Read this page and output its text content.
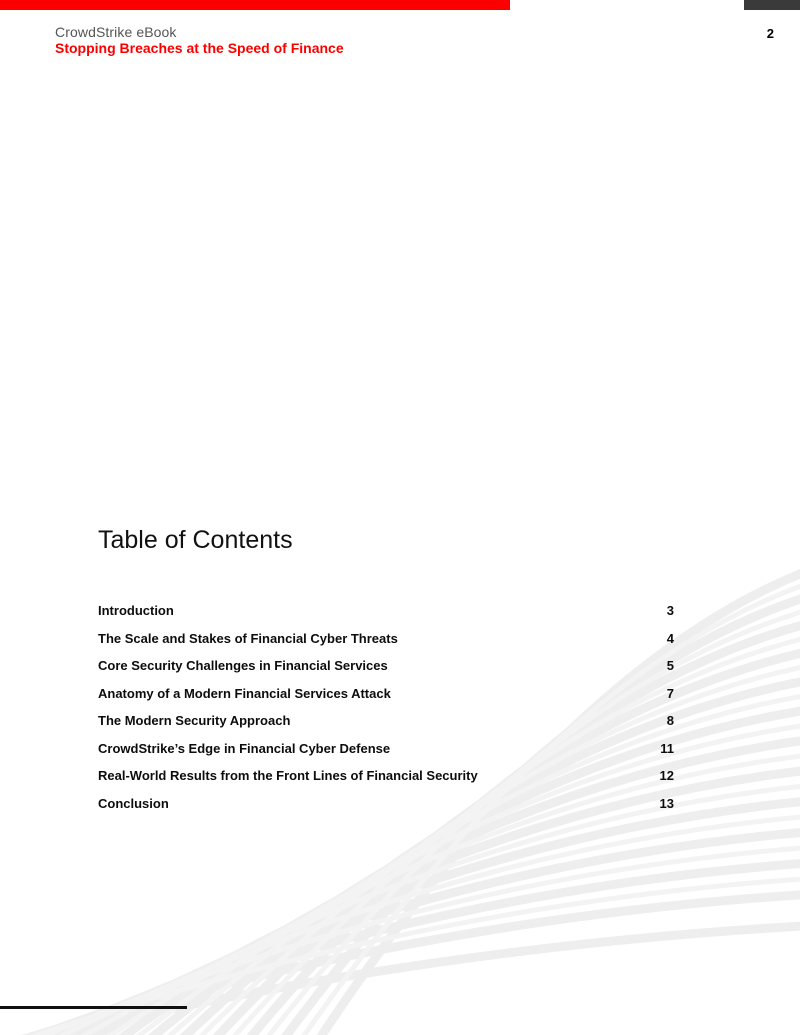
CrowdStrike eBook
Stopping Breaches at the Speed of Finance
2
Table of Contents
Introduction	3
The Scale and Stakes of Financial Cyber Threats	4
Core Security Challenges in Financial Services	5
Anatomy of a Modern Financial Services Attack	7
The Modern Security Approach	8
CrowdStrike’s Edge in Financial Cyber Defense	11
Real-World Results from the Front Lines of Financial Security	12
Conclusion	13
